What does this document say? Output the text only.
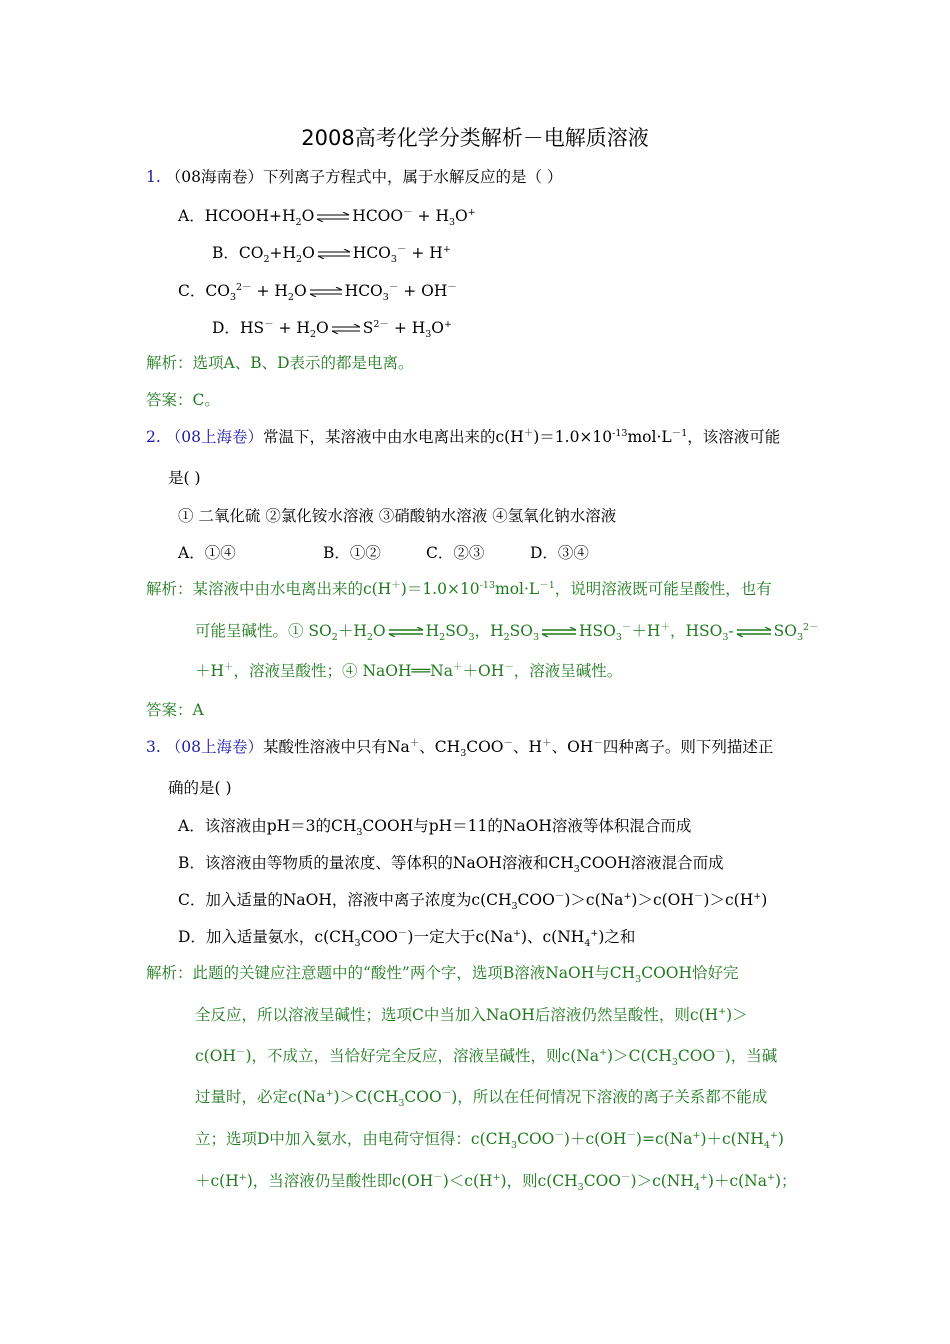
2008高考化学分类解析－电解质溶液
1. （08海南卷）下列离子方程式中，属于水解反应的是（ ）
A．$HCOOH+H_2O$ ⇌ HCOO－ + $H_3O^+$
B．$CO_2+H_2O$ ⇌ $HCO_3^- + H^+$
C．$CO_3^{2-} + H_2O$ ⇌ $HCO_3^- + OH^-$
D．$HS^- + H_2O$ ⇌ $S^{2-} + H_3O^+$
解析：选项A、B、D表示的都是电离。
答案：C。
2. （08上海卷）常温下，某溶液中由水电离出来的$c(H^+)=1.0\times 10^{-13}mol\cdot L^{-1}$，该溶液可能
是( )
① 二氧化硫 ②氯化铵水溶液 ③硝酸钠水溶液 ④氢氧化钠水溶液
A．①④	B．①②	C．②③	D．③④
解析：某溶液中由水电离出来的$c(H^+)=1.0\times 10^{-13}mol\cdot L^{-1}$，说明溶液既可能呈酸性，也有
可能呈碱性。① $SO_2+H_2O$ ⇌ $H_2SO_3$，$H_2SO_3$ ⇌ $HSO_3^-+H^+$，$HSO_3-$ ⇌ $SO_3^{2-}$
＋H＋，溶液呈酸性；④ NaOH══Na＋＋OH－，溶液呈碱性。
答案：A
3. （08上海卷）某酸性溶液中只有Na＋、$CH_3COO^-$、H＋、OH－四种离子。则下列描述正
确的是( )
A．该溶液由pH＝3的$CH_3COOH$与pH＝11的NaOH溶液等体积混合而成
B．该溶液由等物质的量浓度、等体积的NaOH溶液和$CH_3COOH$溶液混合而成
C．加入适量的NaOH，溶液中离子浓度为$c(CH_3COO^-)>c(Na^+)>c(OH^-)>c(H^+)$
D．加入适量氨水，$c(CH_3COO^-)$一定大于c(Na+)、$c(NH_4^+)$之和
解析：此题的关键应注意题中的“酸性”两个字，选项B溶液NaOH与$CH_3COOH$恰好完
全反应，所以溶液呈碱性；选项C中当加入NaOH后溶液仍然呈酸性，则c(H+)＞
c(OH－)，不成立，当恰好完全反应，溶液呈碱性，则$c(Na^+)>C(CH_3COO^-)$，当碱
过量时，必定$c(Na^+)>C(CH_3COO^-)$，所以在任何情况下溶液的离子关系都不能成
立；选项D中加入氨水，由电荷守恒得：$c(CH_3COO^-)+c(OH^-)=c(Na^+)+c(NH_4^+)$
＋c(H+)，当溶液仍呈酸性即c(OH－)＜c(H+)，则$c(CH_3COO^-)>c(NH_4^+)+c(Na^+)$；
